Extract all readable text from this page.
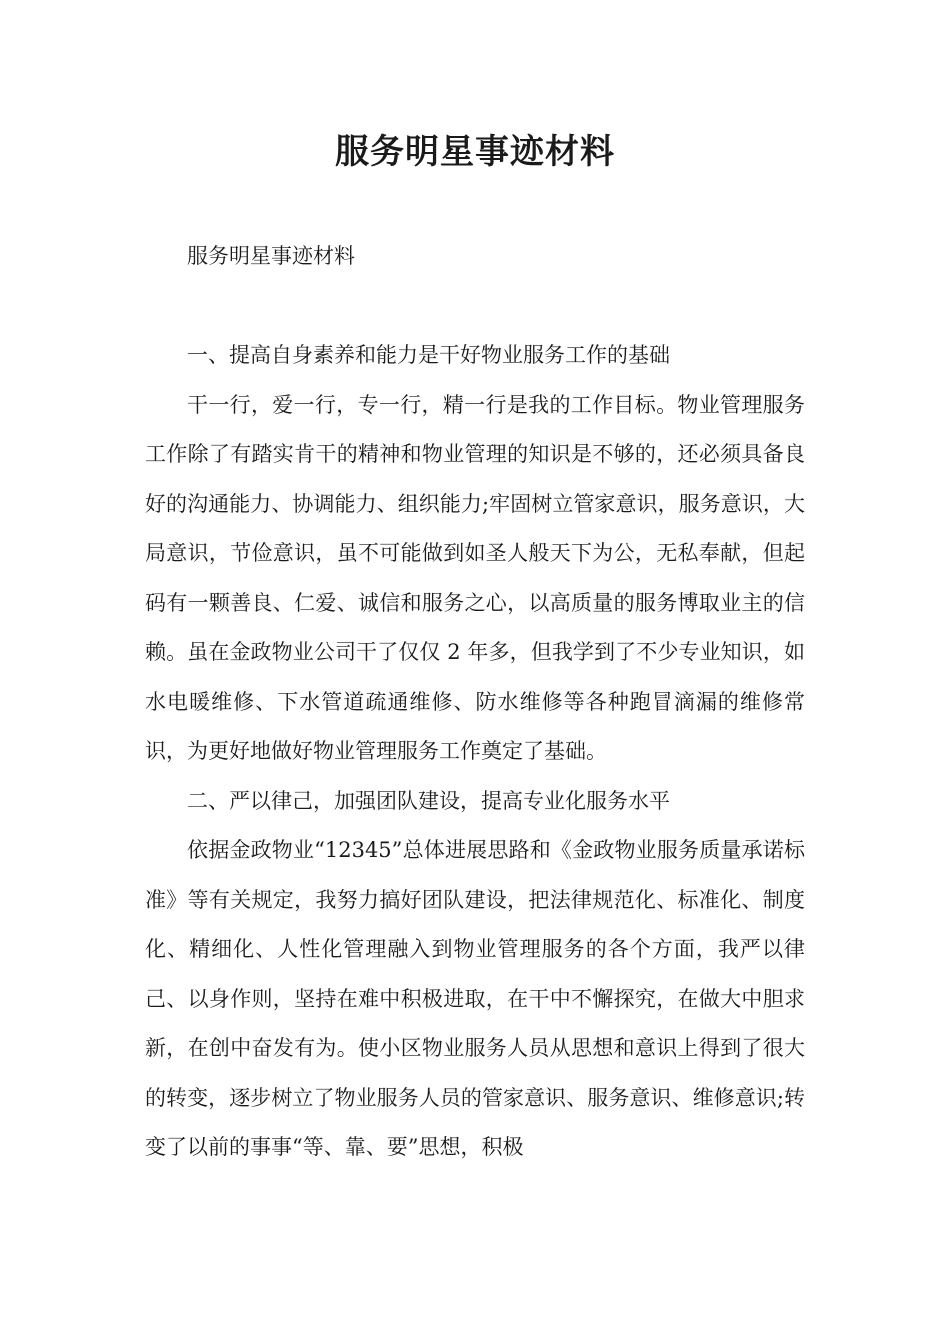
服务明星事迹材料

服务明星事迹材料

一、提高自身素养和能力是干好物业服务工作的基础

干一行，爱一行，专一行，精一行是我的工作目标。物业管理服务工作除了有踏实肯干的精神和物业管理的知识是不够的，还必须具备良好的沟通能力、协调能力、组织能力;牢固树立管家意识，服务意识，大局意识，节俭意识，虽不可能做到如圣人般天下为公，无私奉献，但起码有一颗善良、仁爱、诚信和服务之心，以高质量的服务博取业主的信赖。虽在金政物业公司干了仅仅 2 年多，但我学到了不少专业知识，如水电暖维修、下水管道疏通维修、防水维修等各种跑冒滴漏的维修常识，为更好地做好物业管理服务工作奠定了基础。

二、严以律己，加强团队建设，提高专业化服务水平

依据金政物业“12345”总体进展思路和《金政物业服务质量承诺标准》等有关规定，我努力搞好团队建设，把法律规范化、标准化、制度化、精细化、人性化管理融入到物业管理服务的各个方面，我严以律己、以身作则，坚持在难中积极进取，在干中不懈探究，在做大中胆求新，在创中奋发有为。使小区物业服务人员从思想和意识上得到了很大的转变，逐步树立了物业服务人员的管家意识、服务意识、维修意识;转变了以前的事事“等、靠、要”思想，积极
